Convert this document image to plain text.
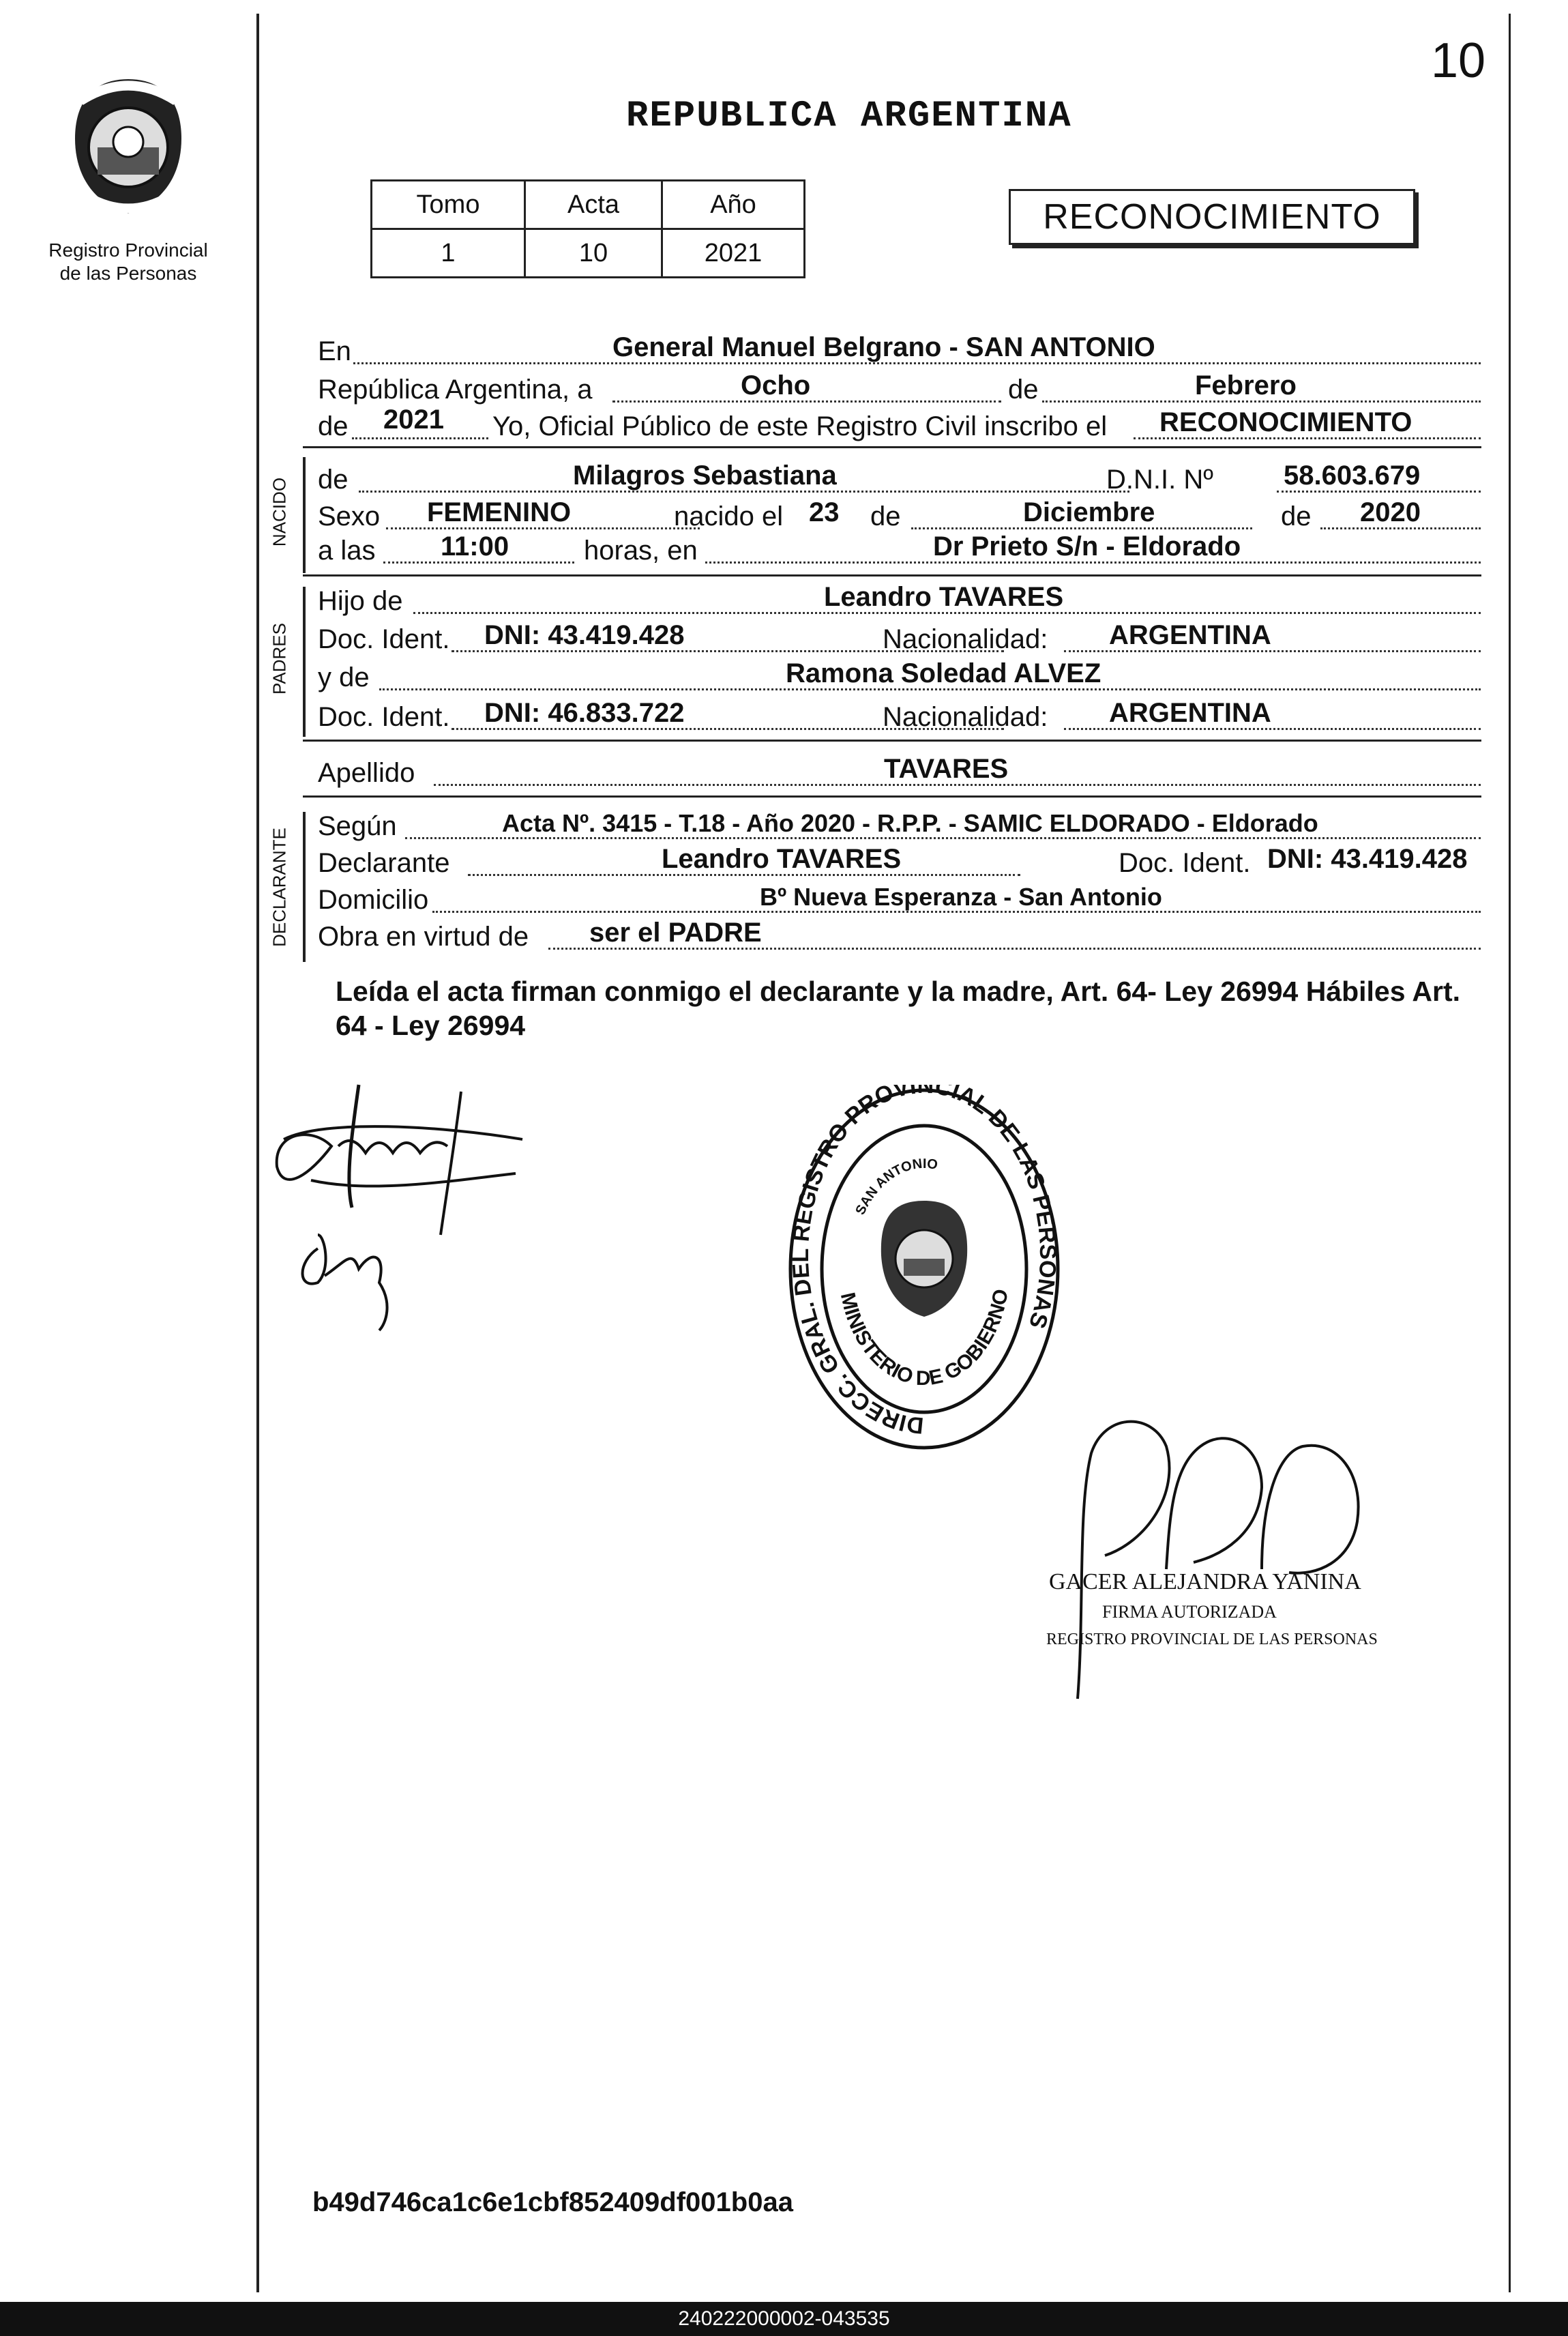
10
REPUBLICA ARGENTINA
Registro Provincial
de las Personas
Tomo	Acta	Año
1	10	2021
RECONOCIMIENTO
En	General Manuel Belgrano - SAN ANTONIO
República Argentina, a	Ocho	de	Febrero
de 2021 Yo, Oficial Público de este Registro Civil inscribo el RECONOCIMIENTO
NACIDO de	Milagros Sebastiana	D.N.I. Nº	58.603.679
Sexo FEMENINO	nacido el 23 de	Diciembre	de 2020
a las 11:00	horas, en	Dr Prieto S/n - Eldorado
PADRES
Hijo de	Leandro TAVARES
Doc. Ident. DNI: 43.419.428	Nacionalidad: ARGENTINA
y de	Ramona Soledad ALVEZ
Doc. Ident. DNI: 46.833.722	Nacionalidad: ARGENTINA
Apellido	TAVARES
DECLARANTE
Según	Acta Nº. 3415 - T.18 - Año 2020 - R.P.P. - SAMIC ELDORADO - Eldorado
Declarante	Leandro TAVARES	Doc. Ident. DNI: 43.419.428
Domicilio	Bº Nueva Esperanza - San Antonio
Obra en virtud de ser el PADRE
Leída el acta firman conmigo el declarante y la madre, Art. 64- Ley 26994 Hábiles Art. 64 - Ley 26994
DIRECC. GRAL. DEL REGISTRO PROVINCIAL DE LAS PERSONAS
SAN ANTONIO
MINISTERIO DE GOBIERNO
GACER ALEJANDRA YANINA
FIRMA AUTORIZADA
REGISTRO PROVINCIAL DE LAS PERSONAS
b49d746ca1c6e1cbf852409df001b0aa
240222000002-043535
